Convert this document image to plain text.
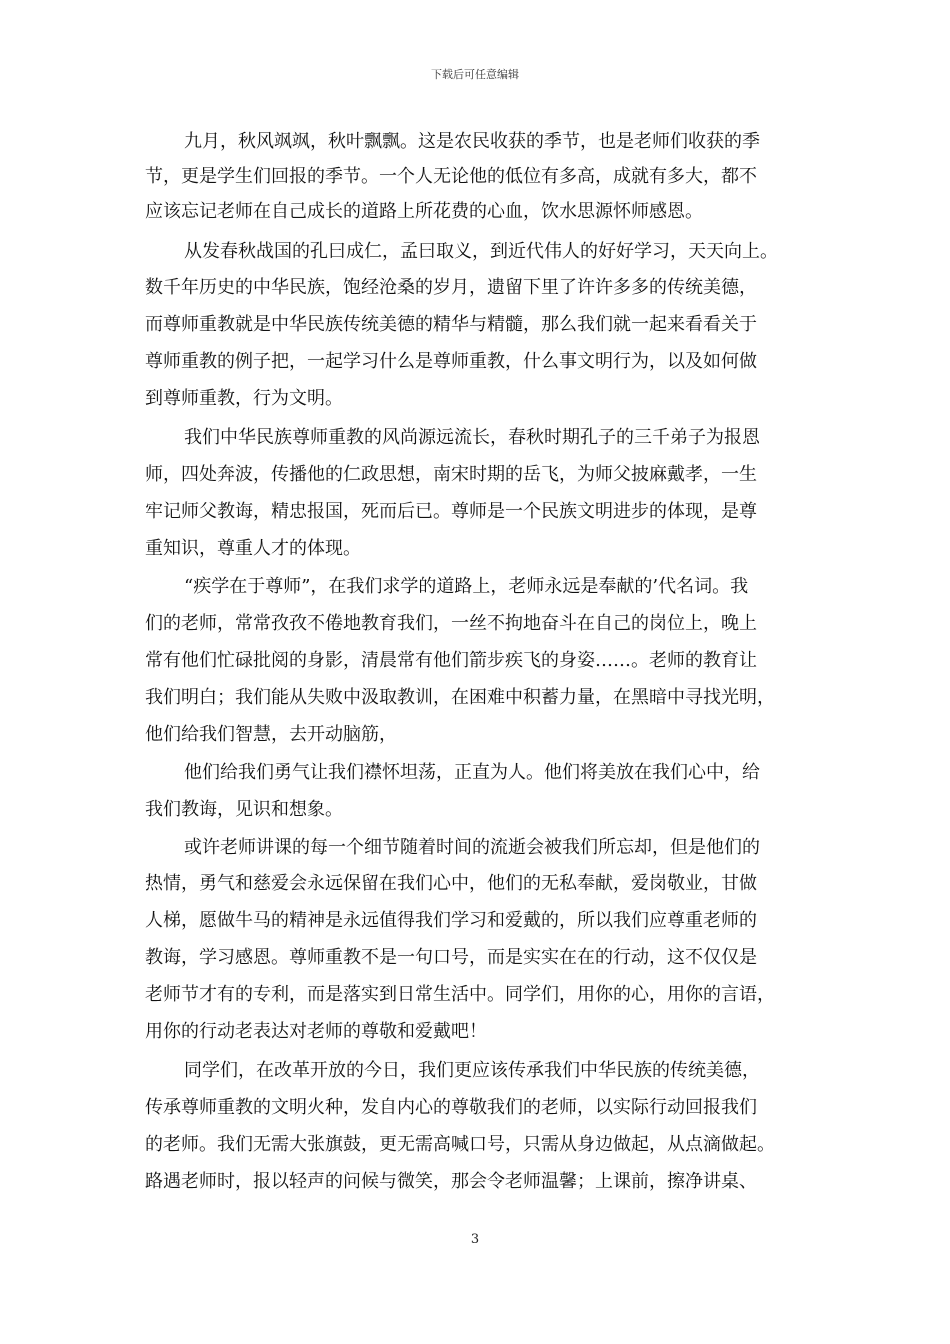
下载后可任意编辑
九月，秋风飒飒，秋叶飘飘。这是农民收获的季节，也是老师们收获的季
节，更是学生们回报的季节。一个人无论他的低位有多高，成就有多大，都不
应该忘记老师在自己成长的道路上所花费的心血，饮水思源怀师感恩。
从发春秋战国的孔曰成仁，孟曰取义，到近代伟人的好好学习，天天向上。
数千年历史的中华民族，饱经沧桑的岁月，遗留下里了许许多多的传统美德，
而尊师重教就是中华民族传统美德的精华与精髓，那么我们就一起来看看关于
尊师重教的例子把，一起学习什么是尊师重教，什么事文明行为，以及如何做
到尊师重教，行为文明。
我们中华民族尊师重教的风尚源远流长，春秋时期孔子的三千弟子为报恩
师，四处奔波，传播他的仁政思想，南宋时期的岳飞，为师父披麻戴孝，一生
牢记师父教诲，精忠报国，死而后已。尊师是一个民族文明进步的体现，是尊
重知识，尊重人才的体现。
“疾学在于尊师”，在我们求学的道路上，老师永远是奉献的’代名词。我
们的老师，常常孜孜不倦地教育我们，一丝不拘地奋斗在自己的岗位上，晚上
常有他们忙碌批阅的身影，清晨常有他们箭步疾飞的身姿……。老师的教育让
我们明白；我们能从失败中汲取教训，在困难中积蓄力量，在黑暗中寻找光明，
他们给我们智慧，去开动脑筋，
他们给我们勇气让我们襟怀坦荡，正直为人。他们将美放在我们心中，给
我们教诲，见识和想象。
或许老师讲课的每一个细节随着时间的流逝会被我们所忘却，但是他们的
热情，勇气和慈爱会永远保留在我们心中，他们的无私奉献，爱岗敬业，甘做
人梯，愿做牛马的精神是永远值得我们学习和爱戴的，所以我们应尊重老师的
教诲，学习感恩。尊师重教不是一句口号，而是实实在在的行动，这不仅仅是
老师节才有的专利，而是落实到日常生活中。同学们，用你的心，用你的言语，
用你的行动老表达对老师的尊敬和爱戴吧！
同学们，在改革开放的今日，我们更应该传承我们中华民族的传统美德，
传承尊师重教的文明火种，发自内心的尊敬我们的老师，以实际行动回报我们
的老师。我们无需大张旗鼓，更无需高喊口号，只需从身边做起，从点滴做起。
路遇老师时，报以轻声的问候与微笑，那会令老师温馨；上课前，擦净讲桌、
3
